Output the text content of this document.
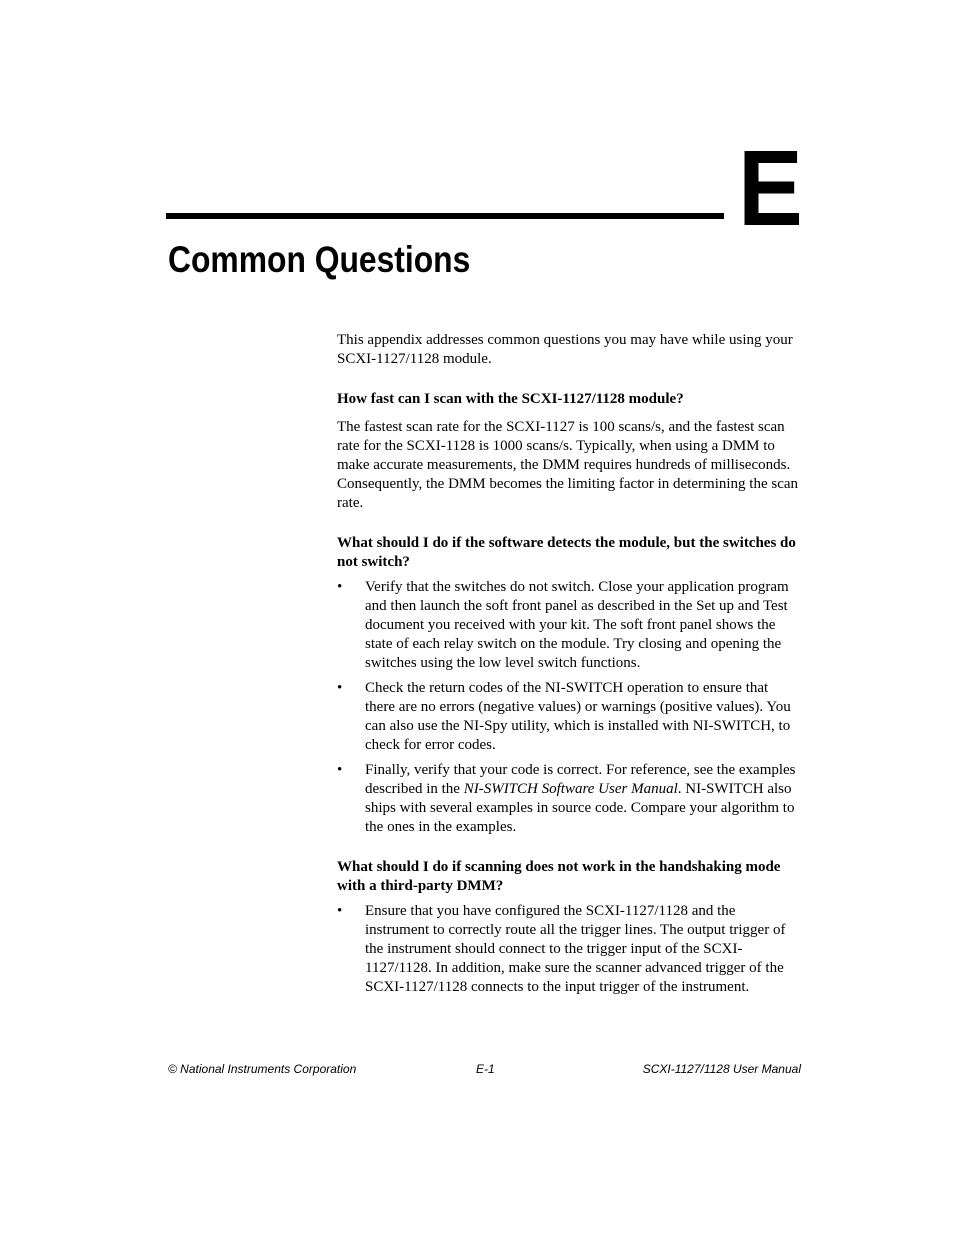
E
Common Questions

This appendix addresses common questions you may have while using your SCXI-1127/1128 module.

How fast can I scan with the SCXI-1127/1128 module?

The fastest scan rate for the SCXI-1127 is 100 scans/s, and the fastest scan rate for the SCXI-1128 is 1000 scans/s. Typically, when using a DMM to make accurate measurements, the DMM requires hundreds of milliseconds. Consequently, the DMM becomes the limiting factor in determining the scan rate.

What should I do if the software detects the module, but the switches do not switch?

• Verify that the switches do not switch. Close your application program and then launch the soft front panel as described in the Set up and Test document you received with your kit. The soft front panel shows the state of each relay switch on the module. Try closing and opening the switches using the low level switch functions.
• Check the return codes of the NI-SWITCH operation to ensure that there are no errors (negative values) or warnings (positive values). You can also use the NI-Spy utility, which is installed with NI-SWITCH, to check for error codes.
• Finally, verify that your code is correct. For reference, see the examples described in the NI-SWITCH Software User Manual. NI-SWITCH also ships with several examples in source code. Compare your algorithm to the ones in the examples.

What should I do if scanning does not work in the handshaking mode with a third-party DMM?

• Ensure that you have configured the SCXI-1127/1128 and the instrument to correctly route all the trigger lines. The output trigger of the instrument should connect to the trigger input of the SCXI-1127/1128. In addition, make sure the scanner advanced trigger of the SCXI-1127/1128 connects to the input trigger of the instrument.
© National Instruments Corporation	E-1	SCXI-1127/1128 User Manual
